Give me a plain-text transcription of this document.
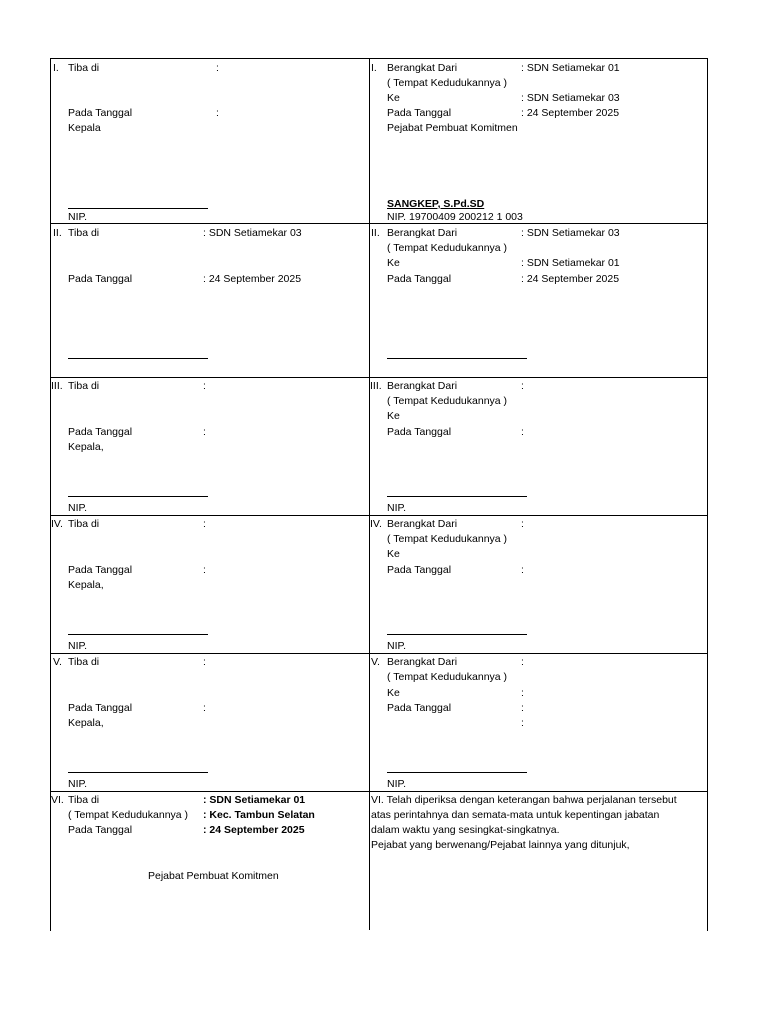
I. Tiba di	:
Pada Tanggal	:
Kepala
NIP.
I. Berangkat Dari	: SDN Setiamekar 01
( Tempat Kedudukannya )
Ke	: SDN Setiamekar 03
Pada Tanggal	: 24 September 2025
Pejabat Pembuat Komitmen
SANGKEP, S.Pd.SD
NIP. 19700409 200212 1 003
II. Tiba di	: SDN Setiamekar 03
Pada Tanggal	: 24 September 2025
II. Berangkat Dari	: SDN Setiamekar 03
( Tempat Kedudukannya )
Ke	: SDN Setiamekar 01
Pada Tanggal	: 24 September 2025
III. Tiba di	:
Pada Tanggal	:
Kepala,
NIP.
III. Berangkat Dari	:
( Tempat Kedudukannya )
Ke
Pada Tanggal	:
NIP.
IV. Tiba di	:
Pada Tanggal	:
Kepala,
NIP.
IV. Berangkat Dari	:
( Tempat Kedudukannya )
Ke
Pada Tanggal	:
NIP.
V. Tiba di	:
Pada Tanggal	:
Kepala,
NIP.
V. Berangkat Dari	:
( Tempat Kedudukannya )
Ke	:
Pada Tanggal	:
:
NIP.
VI. Tiba di	: SDN Setiamekar 01
( Tempat Kedudukannya ) : Kec. Tambun Selatan
Pada Tanggal	: 24 September 2025
Pejabat Pembuat Komitmen
VI. Telah diperiksa dengan keterangan bahwa perjalanan tersebut
atas perintahnya dan semata-mata untuk kepentingan jabatan
dalam waktu yang sesingkat-singkatnya.
Pejabat yang berwenang/Pejabat lainnya yang ditunjuk,
